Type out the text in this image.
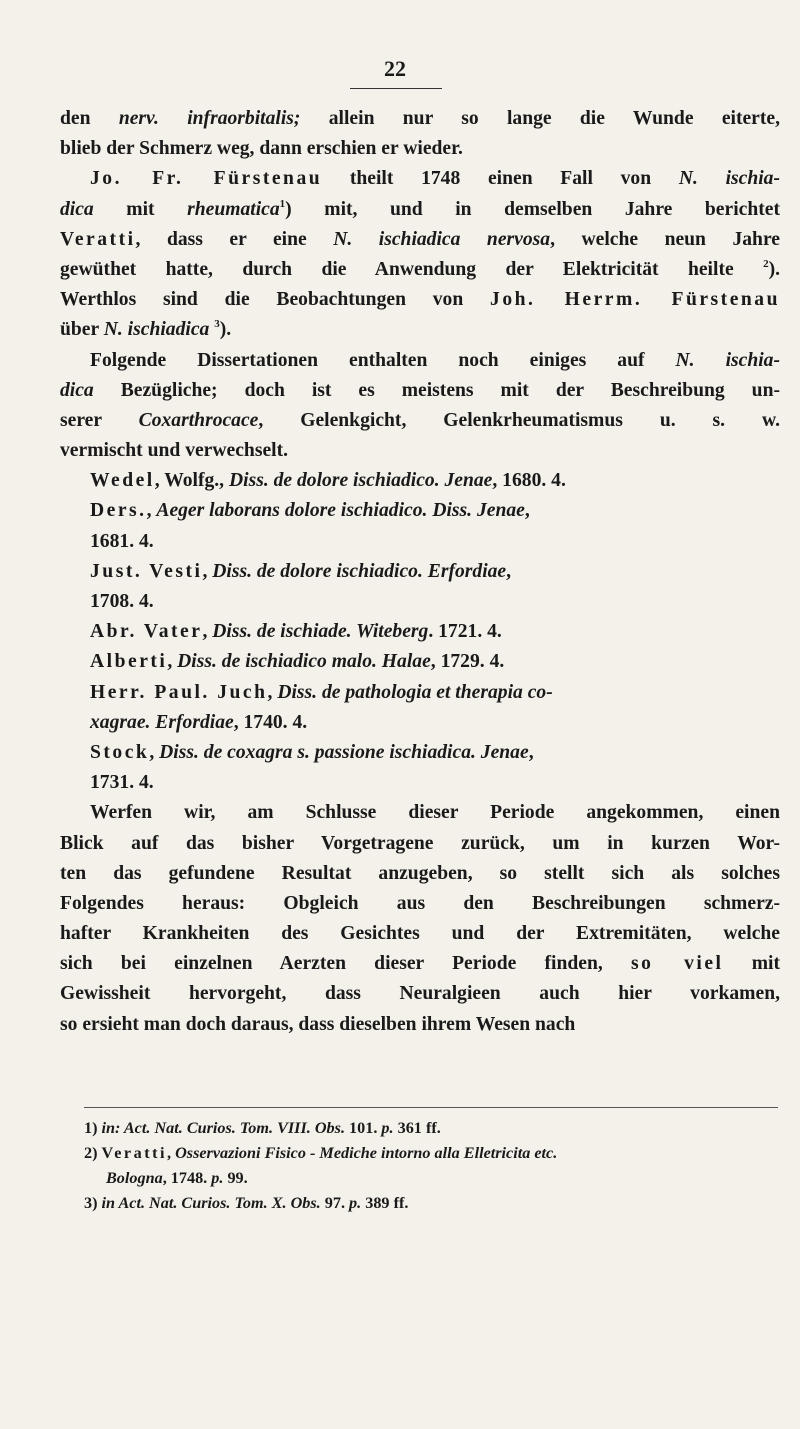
22
den nerv. infraorbitalis; allein nur so lange die Wunde eiterte,
blieb der Schmerz weg, dann erschien er wieder.
Jo. Fr. Fürstenau theilt 1748 einen Fall von N. ischia-
dica mit rheumatica$^1$) mit, und in demselben Jahre berichtet
Veratti, dass er eine N. ischiadica nervosa, welche neun Jahre
gewüthet hatte, durch die Anwendung der Elektricität heilte $^2$).
Werthlos sind die Beobachtungen von Joh. Herrm. Fürstenau
über N. ischiadica $^3$).
Folgende Dissertationen enthalten noch einiges auf N. ischia-
dica Bezügliche; doch ist es meistens mit der Beschreibung un-
serer Coxarthrocace, Gelenkgicht, Gelenkrheumatismus u. s. w.
vermischt und verwechselt.
Wedel, Wolfg., Diss. de dolore ischiadico. Jenae, 1680. 4.
Ders., Aeger laborans dolore ischiadico. Diss. Jenae,
1681. 4.
Just. Vesti, Diss. de dolore ischiadico. Erfordiae,
1708. 4.
Abr. Vater, Diss. de ischiade. Witeberg. 1721. 4.
Alberti, Diss. de ischiadico malo. Halae, 1729. 4.
Herr. Paul. Juch, Diss. de pathologia et therapia co-
xagrae. Erfordiae, 1740. 4.
Stock, Diss. de coxagra s. passione ischiadica. Jenae,
1731. 4.
Werfen wir, am Schlusse dieser Periode angekommen, einen
Blick auf das bisher Vorgetragene zurück, um in kurzen Wor-
ten das gefundene Resultat anzugeben, so stellt sich als solches
Folgendes heraus: Obgleich aus den Beschreibungen schmerz-
hafter Krankheiten des Gesichtes und der Extremitäten, welche
sich bei einzelnen Aerzten dieser Periode finden, so viel mit
Gewissheit hervorgeht, dass Neuralgieen auch hier vorkamen,
so ersieht man doch daraus, dass dieselben ihrem Wesen nach
1) in: Act. Nat. Curios. Tom. VIII. Obs. 101. p. 361 ff.
2) Veratti, Osservazioni Fisico - Mediche intorno alla Elletricita etc.
Bologna, 1748. p. 99.
3) in Act. Nat. Curios. Tom. X. Obs. 97. p. 389 ff.
